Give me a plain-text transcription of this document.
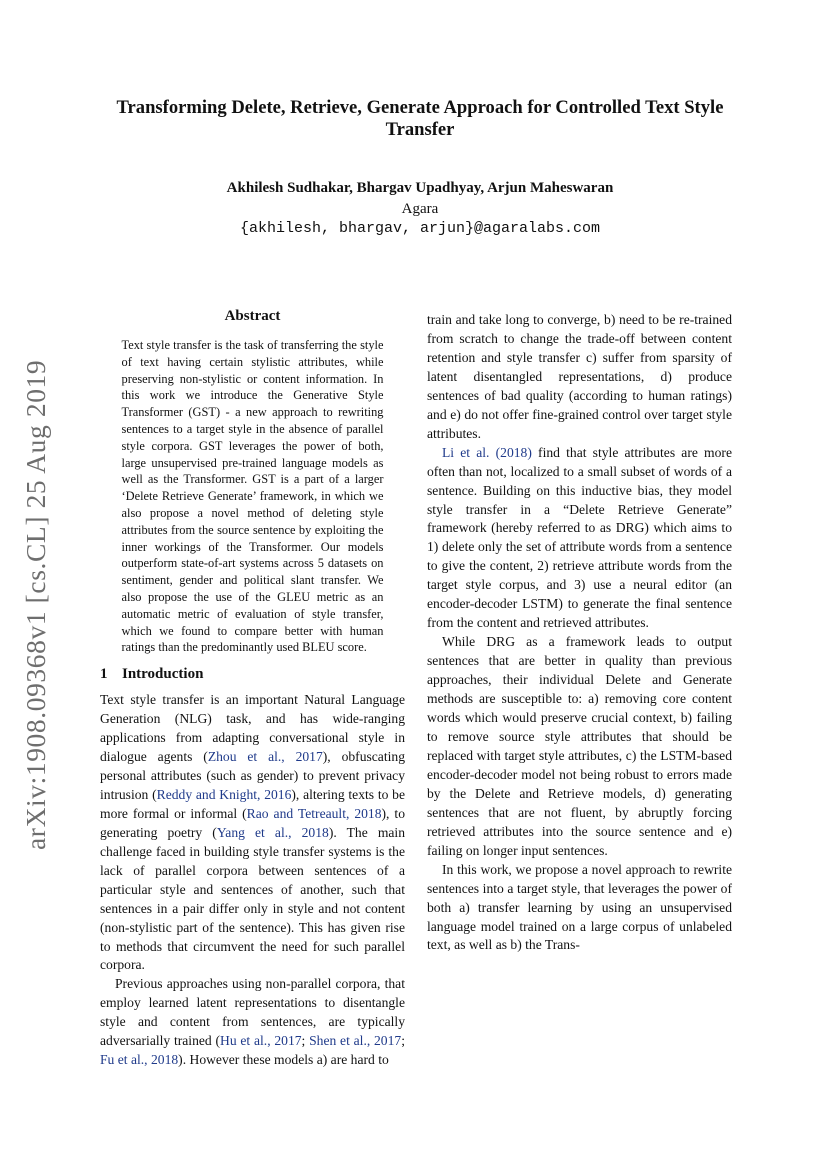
arXiv:1908.09368v1 [cs.CL] 25 Aug 2019
Transforming Delete, Retrieve, Generate Approach for Controlled Text Style Transfer
Akhilesh Sudhakar, Bhargav Upadhyay, Arjun Maheswaran
Agara
{akhilesh, bhargav, arjun}@agaralabs.com
Abstract
Text style transfer is the task of transferring the style of text having certain stylistic attributes, while preserving non-stylistic or content information. In this work we introduce the Generative Style Transformer (GST) - a new approach to rewriting sentences to a target style in the absence of parallel style corpora. GST leverages the power of both, large unsupervised pre-trained language models as well as the Transformer. GST is a part of a larger ‘Delete Retrieve Generate’ framework, in which we also propose a novel method of deleting style attributes from the source sentence by exploiting the inner workings of the Transformer. Our models outperform state-of-art systems across 5 datasets on sentiment, gender and political slant transfer. We also propose the use of the GLEU metric as an automatic metric of evaluation of style transfer, which we found to compare better with human ratings than the predominantly used BLEU score.
1 Introduction

Text style transfer is an important Natural Language Generation (NLG) task, and has wide-ranging applications from adapting conversational style in dialogue agents (Zhou et al., 2017), obfuscating personal attributes (such as gender) to prevent privacy intrusion (Reddy and Knight, 2016), altering texts to be more formal or informal (Rao and Tetreault, 2018), to generating poetry (Yang et al., 2018). The main challenge faced in building style transfer systems is the lack of parallel corpora between sentences of a particular style and sentences of another, such that sentences in a pair differ only in style and not content (non-stylistic part of the sentence). This has given rise to methods that circumvent the need for such parallel corpora.

Previous approaches using non-parallel corpora, that employ learned latent representations to disentangle style and content from sentences, are typically adversarially trained (Hu et al., 2017; Shen et al., 2017; Fu et al., 2018). However these models a) are hard to

train and take long to converge, b) need to be re-trained from scratch to change the trade-off between content retention and style transfer c) suffer from sparsity of latent disentangled representations, d) produce sentences of bad quality (according to human ratings) and e) do not offer fine-grained control over target style attributes.

Li et al. (2018) find that style attributes are more often than not, localized to a small subset of words of a sentence. Building on this inductive bias, they model style transfer in a “Delete Retrieve Generate” framework (hereby referred to as DRG) which aims to 1) delete only the set of attribute words from a sentence to give the content, 2) retrieve attribute words from the target style corpus, and 3) use a neural editor (an encoder-decoder LSTM) to generate the final sentence from the content and retrieved attributes.

While DRG as a framework leads to output sentences that are better in quality than previous approaches, their individual Delete and Generate methods are susceptible to: a) removing core content words which would preserve crucial context, b) failing to remove source style attributes that should be replaced with target style attributes, c) the LSTM-based encoder-decoder model not being robust to errors made by the Delete and Retrieve models, d) generating sentences that are not fluent, by abruptly forcing retrieved attributes into the source sentence and e) failing on longer input sentences.

In this work, we propose a novel approach to rewrite sentences into a target style, that leverages the power of both a) transfer learning by using an unsupervised language model trained on a large corpus of unlabeled text, as well as b) the Trans-
